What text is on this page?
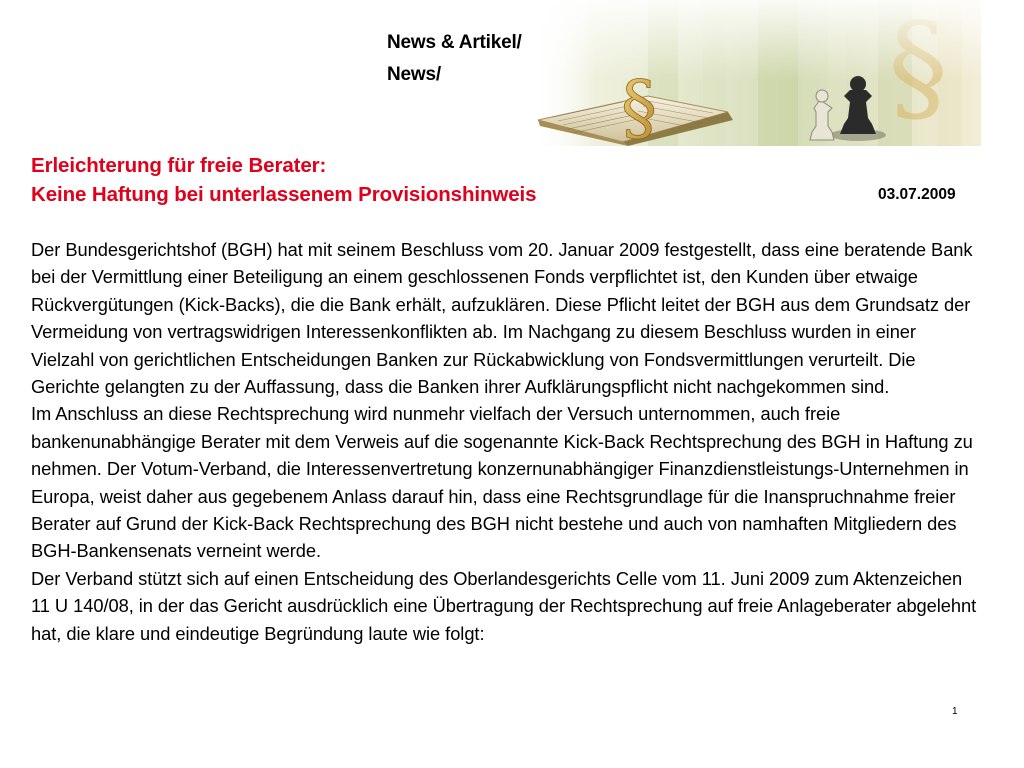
News & Artikel/
News/
Erleichterung für freie Berater:
Keine Haftung bei unterlassenem Provisionshinweis	03.07.2009

Der Bundesgerichtshof (BGH) hat mit seinem Beschluss vom 20. Januar 2009 festgestellt, dass eine beratende Bank bei der Vermittlung einer Beteiligung an einem geschlossenen Fonds verpflichtet ist, den Kunden über etwaige Rückvergütungen (Kick-Backs), die die Bank erhält, aufzuklären. Diese Pflicht leitet der BGH aus dem Grundsatz der Vermeidung von vertragswidrigen Interessenkonflikten ab. Im Nachgang zu diesem Beschluss wurden in einer Vielzahl von gerichtlichen Entscheidungen Banken zur Rückabwicklung von Fondsvermittlungen verurteilt. Die Gerichte gelangten zu der Auffassung, dass die Banken ihrer Aufklärungspflicht nicht nachgekommen sind.

Im Anschluss an diese Rechtsprechung wird nunmehr vielfach der Versuch unternommen, auch freie bankenunabhängige Berater mit dem Verweis auf die sogenannte Kick-Back Rechtsprechung des BGH in Haftung zu nehmen. Der Votum-Verband, die Interessenvertretung konzernunabhängiger Finanzdienstleistungs-Unternehmen in Europa, weist daher aus gegebenem Anlass darauf hin, dass eine Rechtsgrundlage für die Inanspruchnahme freier Berater auf Grund der Kick-Back Rechtsprechung des BGH nicht bestehe und auch von namhaften Mitgliedern des BGH-Bankensenats verneint werde.

Der Verband stützt sich auf einen Entscheidung des Oberlandesgerichts Celle vom 11. Juni 2009 zum Aktenzeichen 11 U 140/08, in der das Gericht ausdrücklich eine Übertragung der Rechtsprechung auf freie Anlageberater abgelehnt hat, die klare und eindeutige Begründung laute wie folgt:

1
